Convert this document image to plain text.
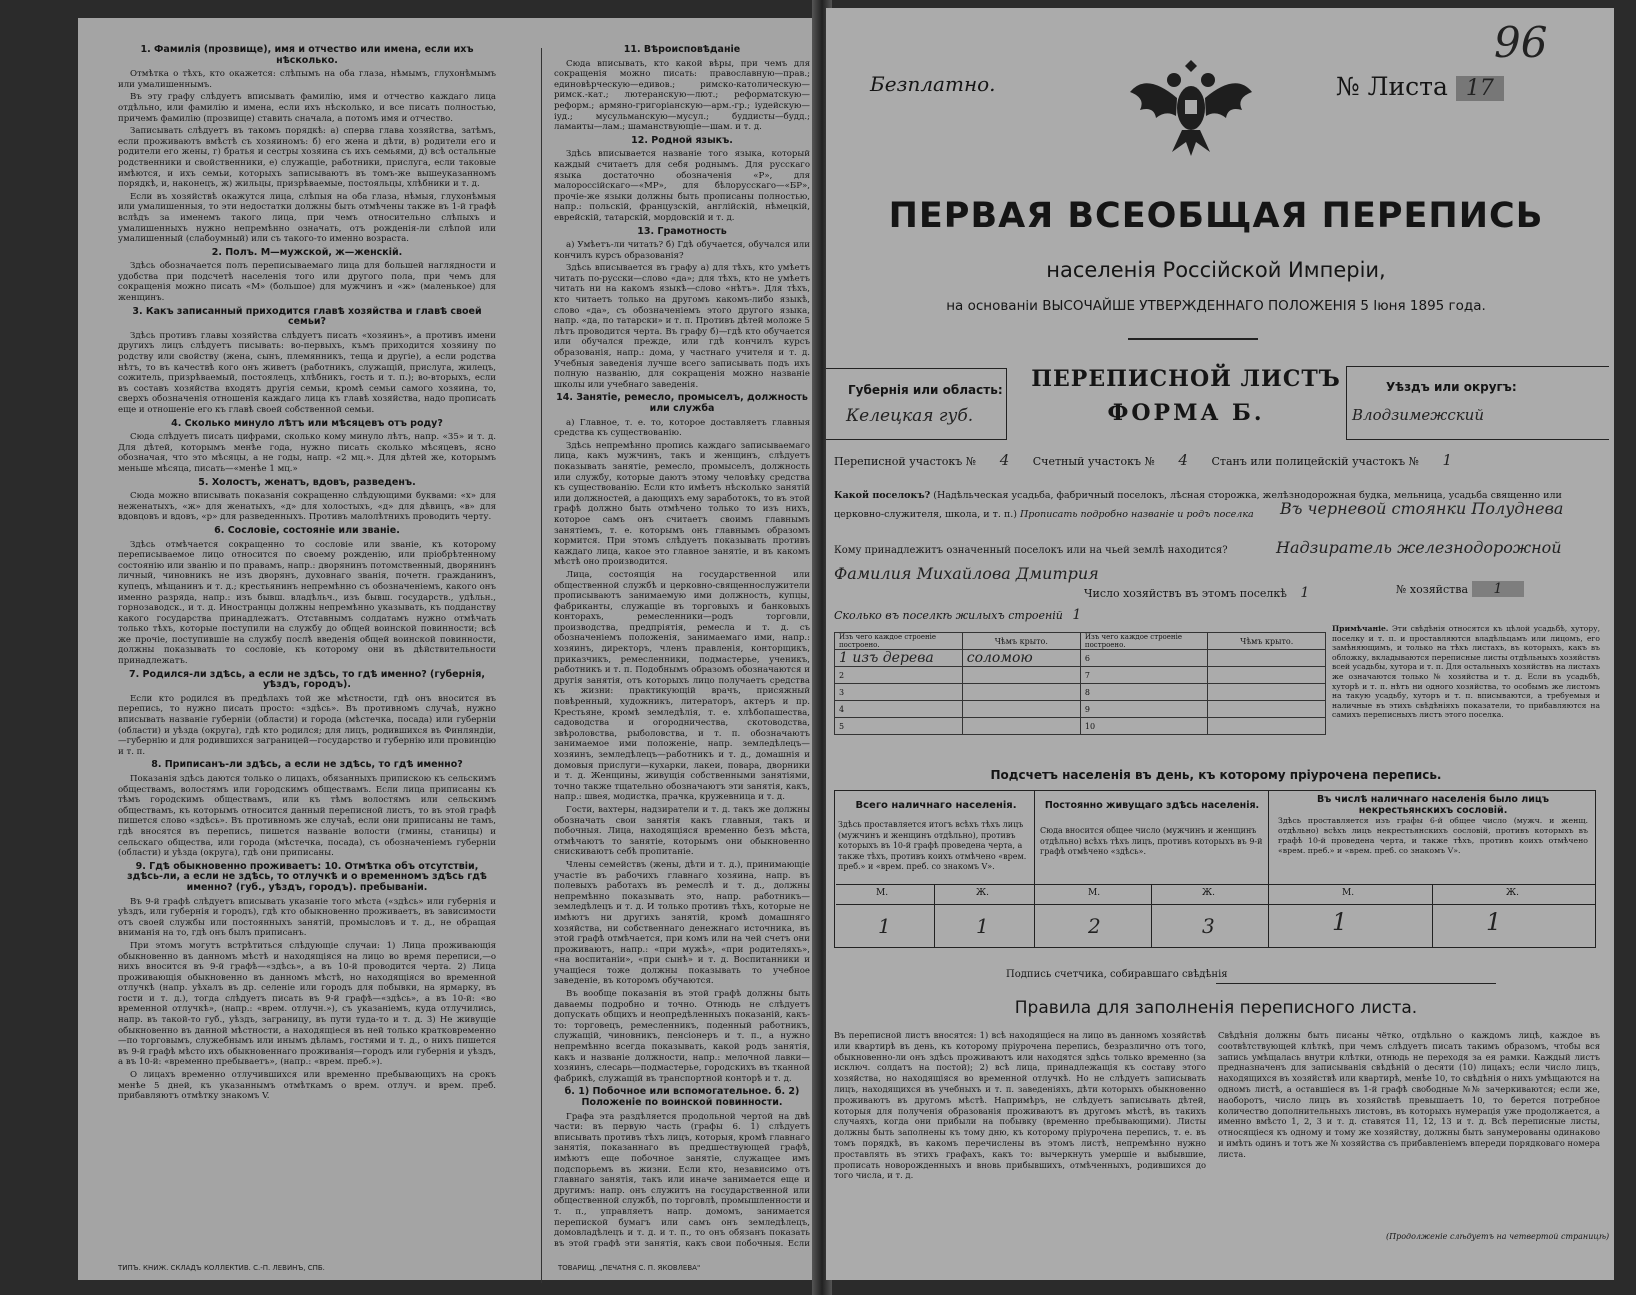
1. Фамилія (прозвище), имя и отчество или имена, если ихъ нѣсколько.

Отмѣтка о тѣхъ, кто окажется: слѣпымъ на оба глаза, нѣмымъ, глухонѣмымъ или умалишеннымъ.

Въ эту графу слѣдуетъ вписывать фамилію, имя и отчество каждаго лица отдѣльно, или фамилію и имена, если ихъ нѣсколько, и все писать полностью, причемъ фамилію (прозвище) ставить сначала, а потомъ имя и отчество.

Записывать слѣдуетъ въ такомъ порядкѣ: а) сперва глава хозяйства, затѣмъ, если проживаютъ вмѣстѣ съ хозяиномъ: б) его жена и дѣти, в) родители его и родители его жены, г) братья и сестры хозяина съ ихъ семьями, д) всѣ остальные родственники и свойственники, е) служащіе, работники, прислуга, если таковые имѣются, и ихъ семьи, которыхъ записываютъ въ томъ-же вышеуказанномъ порядкѣ, и, наконецъ, ж) жильцы, призрѣваемые, постояльцы, хлѣбники и т. д.

Если въ хозяйствѣ окажутся лица, слѣпыя на оба глаза, нѣмыя, глухонѣмыя или умалишенныя, то эти недостатки должны быть отмѣчены также въ 1-й графѣ вслѣдъ за именемъ такого лица, при чемъ относительно слѣпыхъ и умалишенныхъ нужно непремѣнно означать, отъ рожденія-ли слѣпой или умалишенный (слабоумный) или съ такого-то именно возраста.

2. Полъ. М—мужской, ж—женскій.

Здѣсь обозначается полъ переписываемаго лица для большей наглядности и удобства при подсчетѣ населенія того или другого пола, при чемъ для сокращенія можно писать «М» (большое) для мужчинъ и «ж» (маленькое) для женщинъ.

3. Какъ записанный приходится главѣ хозяйства и главѣ своей семьи?

Здѣсь противъ главы хозяйства слѣдуетъ писать «хозяинъ», а противъ имени другихъ лицъ слѣдуетъ писывать: во-первыхъ, къмъ приходится хозяину по родству или свойству (жена, сынъ, племянникъ, теща и другіе), а если родства нѣтъ, то въ качествѣ кого онъ живетъ (работникъ, служащій, прислуга, жилецъ, сожитель, призрѣваемый, постоялецъ, хлѣбникъ, гость и т. п.); во-вторыхъ, если въ составъ хозяйства входятъ другія семьи, кромѣ семьи самого хозяина, то, сверхъ обозначенія отношенія каждаго лица къ главѣ хозяйства, надо прописать еще и отношеніе его къ главѣ своей собственной семьи.

4. Сколько минуло лѣтъ или мѣсяцевъ отъ роду?

Сюда слѣдуетъ писать цифрами, сколько кому минуло лѣтъ, напр. «35» и т. д. Для дѣтей, которымъ менѣе года, нужно писать сколько мѣсяцевъ, ясно обозначая, что это мѣсяцы, а не годы, напр. «2 мц.». Для дѣтей же, которымъ меньше мѣсяца, писать—«менѣе 1 мц.»

5. Холостъ, женатъ, вдовъ, разведенъ.

Сюда можно вписывать показанія сокращенно слѣдующими буквами: «х» для неженатыхъ, «ж» для женатыхъ, «д» для холостыхъ, «д» для дѣвицъ, «в» для вдовцовъ и вдовъ, «р» для разведенныхъ. Противъ малолѣтнихъ проводить черту.

6. Сословіе, состояніе или званіе.

Здѣсь отмѣчается сокращенно то сословіе или званіе, къ которому переписываемое лицо относится по своему рожденію, или пріобрѣтенному состоянію или званію и по правамъ, напр.: дворянинъ потомственный, дворянинъ личный, чиновникъ не изъ дворянъ, духовнаго званія, почетн. гражданинъ, купецъ, мѣщанинъ и т. д.; крестьянинъ непремѣнно съ обозначеніемъ, какого онъ именно разряда, напр.: изъ бывш. владѣльч., изъ бывш. государств., удѣльн., горнозаводск., и т. д. Иностранцы должны непремѣнно указывать, къ подданству какого государства принадлежатъ. Отставнымъ солдатамъ нужно отмѣчать только тѣхъ, которые поступили на службу до общей воинской повинности; всѣ же прочіе, поступившіе на службу послѣ введенія общей воинской повинности, должны показывать то сословіе, къ которому они въ дѣйствительности принадлежатъ.

7. Родился-ли здѣсь, а если не здѣсь, то гдѣ именно? (губернія, уѣздъ, городъ).

Если кто родился въ предѣлахъ той же мѣстности, гдѣ онъ вносится въ перепись, то нужно писать просто: «здѣсь». Въ противномъ случаѣ, нужно вписывать названіе губерніи (области) и города (мѣстечка, посада) или губерніи (области) и уѣзда (округа), гдѣ кто родился; для лицъ, родившихся въ Финляндіи,—губернію и для родившихся заграницей—государство и губернію или провинцію и т. п.

8. Приписанъ-ли здѣсь, а если не здѣсь, то гдѣ именно?

Показанія здѣсь даются только о лицахъ, обязанныхъ припискою къ сельскимъ обществамъ, волостямъ или городскимъ обществамъ. Если лица приписаны къ тѣмъ городскимъ обществамъ, или къ тѣмъ волостямъ или сельскимъ обществамъ, къ которымъ относится данный переписной листъ, то въ этой графѣ пишется слово «здѣсь». Въ противномъ же случаѣ, если они приписаны не тамъ, гдѣ вносятся въ перепись, пишется названіе волости (гмины, станицы) и сельскаго общества, или города (мѣстечка, посада), съ обозначеніемъ губерніи (области) и уѣзда (округа), гдѣ они приписаны.

9. Гдѣ обыкновенно проживаетъ: 10. Отмѣтка объ отсутствіи, здѣсь-ли, а если не здѣсь, то отлучкѣ и о временномъ здѣсь гдѣ именно? (губ., уѣздъ, городъ). пребываніи.

Въ 9-й графѣ слѣдуетъ вписывать указаніе того мѣста («здѣсь» или губернія и уѣздъ, или губернія и городъ), гдѣ кто обыкновенно проживаетъ, въ зависимости отъ своей службы или постоянныхъ занятій, промысловъ и т. д., не обращая вниманія на то, гдѣ онъ былъ приписанъ.

При этомъ могутъ встрѣтиться слѣдующіе случаи: 1) Лица проживающія обыкновенно въ данномъ мѣстѣ и находящіяся на лицо во время переписи,—о нихъ вносится въ 9-й графѣ—«здѣсь», а въ 10-й проводится черта. 2) Лица проживающія обыкновенно въ данномъ мѣстѣ, но находящіяся во временной отлучкѣ (напр. уѣхалъ въ др. селеніе или городъ для побывки, на ярмарку, въ гости и т. д.), тогда слѣдуетъ писать въ 9-й графѣ—«здѣсь», а въ 10-й: «во временной отлучкѣ», (напр.: «врем. отлучн.»), съ указаніемъ, куда отлучились, напр. въ такой-то губ., уѣздъ, заграницу, въ пути туда-то и т. д. 3) Не живущіе обыкновенно въ данной мѣстности, а находящіеся въ ней только кратковременно—по торговымъ, служебнымъ или инымъ дѣламъ, гостями и т. д., о нихъ пишется въ 9-й графѣ мѣсто ихъ обыкновеннаго проживанія—городъ или губернія и уѣздъ, а въ 10-й: «временно пребываетъ», (напр.: «врем. преб.»).

О лицахъ временно отлучившихся или временно пребывающихъ на срокъ менѣе 5 дней, къ указаннымъ отмѣткамъ о врем. отлуч. и врем. преб. прибавляютъ отмѣтку знакомъ V.

11. Вѣроисповѣданіе

Сюда вписывать, кто какой вѣры, при чемъ для сокращенія можно писать: православную—прав.; единовѣрческую—едивов.; римско-католическую—римск.-кат.; лютеранскую—лют.; реформатскую—реформ.; армяно-григоріанскую—арм.-гр.; іудейскую—іуд.; мусульманскую—мусул.; буддисты—будд.; ламаиты—лам.; шаманствующіе—шам. и т. д.

12. Родной языкъ.

Здѣсь вписывается названіе того языка, который каждый считаетъ для себя роднымъ. Для русскаго языка достаточно обозначенія «Р», для малороссійскаго—«МР», для бѣлорусскаго—«БР», прочіе-же языки должны быть прописаны полностью, напр.: польскій, французскій, англійскій, нѣмецкій, еврейскій, татарскій, мордовскій и т. д.

13. Грамотность

а) Умѣетъ-ли читать? б) Гдѣ обучается, обучался или кончилъ курсъ образованія?

Здѣсь вписывается въ графу а) для тѣхъ, кто умѣетъ читать по-русски—слово «да»; для тѣхъ, кто не умѣетъ читать ни на какомъ языкѣ—слово «нѣтъ». Для тѣхъ, кто читаетъ только на другомъ какомъ-либо языкѣ, слово «да», съ обозначеніемъ этого другого языка, напр. «да, по татарски» и т. п. Противъ дѣтей моложе 5 лѣтъ проводится черта. Въ графу б)—гдѣ кто обучается или обучался прежде, или гдѣ кончилъ курсъ образованія, напр.: дома, у частнаго учителя и т. д. Учебныя заведенія лучше всего записывать подъ ихъ полную названію, для сокращенія можно названіе школы или учебнаго заведенія.

14. Занятіе, ремесло, промыселъ, должность или служба

а) Главное, т. е. то, которое доставляетъ главныя средства къ существованію.

Здѣсь непремѣнно пропись каждаго записываемаго лица, какъ мужчинъ, такъ и женщинъ, слѣдуетъ показывать занятіе, ремесло, промыселъ, должность или службу, которые даютъ этому человѣку средства къ существованію. Если кто имѣетъ нѣсколько занятій или должностей, а дающихъ ему заработокъ, то въ этой графѣ должно быть отмѣчено только то изъ нихъ, которое самъ онъ считаетъ своимъ главнымъ занятіемъ, т. е. которымъ онъ главнымъ образомъ кормится. При этомъ слѣдуетъ показывать противъ каждаго лица, какое это главное занятіе, и въ какомъ мѣстѣ оно производится.

Лица, состоящія на государственной или общественной службѣ и церковно-священнослужители прописываютъ занимаемую ими должность, купцы, фабриканты, служащіе въ торговыхъ и банковыхъ конторахъ, ремесленники—родъ торговли, производства, предпріятія, ремесла и т. д. съ обозначеніемъ положенія, занимаемаго ими, напр.: хозяинъ, директоръ, членъ правленія, конторщикъ, приказчикъ, ремесленники, подмастерье, ученикъ, работникъ и т. п. Подобнымъ образомъ обозначаются и другія занятія, отъ которыхъ лицо получаетъ средства къ жизни: практикующій врачъ, присяжный повѣренный, художникъ, литераторъ, актеръ и пр. Крестьяне, кромѣ земледѣлія, т. е. хлѣбопашества, садоводства и огородничества, скотоводства, звѣроловства, рыболовства, и т. п. обозначаютъ занимаемое ими положеніе, напр. земледѣлецъ—хозяинъ, земледѣлецъ—работникъ и т. д., домашнія и домовыя прислуги—кухарки, лакеи, повара, дворники и т. д. Женщины, живущія собственными занятіями, точно также тщательно обозначаютъ эти занятія, какъ, напр.: швея, модистка, прачка, кружевница и т. д.

Гости, вахтеры, надзиратели и т. д. такъ же должны обозначать свои занятія какъ главныя, такъ и побочныя. Лица, находящіяся временно безъ мѣста, отмѣчаютъ то занятіе, которымъ они обыкновенно снискиваютъ себѣ пропитаніе.

Члены семействъ (жены, дѣти и т. д.), принимающіе участіе въ рабочихъ главнаго хозяина, напр. въ полевыхъ работахъ въ ремеслѣ и т. д., должны непремѣнно показывать это, напр. работникъ—земледѣлецъ и т. д. И только противъ тѣхъ, которые не имѣютъ ни другихъ занятій, кромѣ домашняго хозяйства, ни собственнаго денежнаго источника, въ этой графѣ отмѣчается, при комъ или на чей счетъ они проживаютъ, напр.: «при мужѣ», «при родителяхъ», «на воспитаніи», «при сынѣ» и т. д. Воспитанники и учащіеся тоже должны показывать то учебное заведеніе, въ которомъ обучаются.

Въ вообще показанія въ этой графѣ должны быть даваемы подробно и точно. Отнюдь не слѣдуетъ допускать общихъ и неопредѣленныхъ показаній, какъ-то: торговецъ, ремесленникъ, поденный работникъ, служащій, чиновникъ, пенсіонеръ и т. п., а нужно непремѣнно всегда показывать, какой родъ занятія, какъ и названіе должности, напр.: мелочной лавки—хозяинъ, слесарь—подмастерье, городскихъ въ тканной фабрикѣ, служащій въ транспортной конторѣ и т. д.

б. 1) Побочное или вспомогательное. б. 2) Положеніе по воинской повинности.

Графа эта раздѣляется продольной чертой на двѣ части: въ первую часть (графы 6. 1) слѣдуетъ вписывать противъ тѣхъ лицъ, которыя, кромѣ главнаго занятія, показаннаго въ предшествующей графѣ, имѣютъ еще побочное занятіе, служащее имъ подспорьемъ въ жизни. Если кто, независимо отъ главнаго занятія, такъ или иначе занимается еще и другимъ: напр. онъ служитъ на государственной или общественной службѣ, по торговлѣ, промышленности и т. п., управляетъ напр. домомъ, занимается перепиской бумагъ или самъ онъ земледѣлецъ, домовладѣлецъ и т. д. и т. п., то онъ обязанъ показать въ этой графѣ эти занятія, какъ свои побочныя. Если

ТИПЪ. КНИЖ. СКЛАДЪ КОЛЛЕКТИВ. С.-П. ЛЕВИНЪ, СПБ.	ТОВАРИЩ. „ПЕЧАТНЯ С. П. ЯКОВЛЕВА"
96
Безплатно.	№ Листа 17
ПЕРВАЯ ВСЕОБЩАЯ ПЕРЕПИСЬ
населенія Россійской Имперіи,
на основаніи ВЫСОЧАЙШЕ УТВЕРЖДЕННАГО ПОЛОЖЕНІЯ 5 Іюня 1895 года.
Губернія или область:
Келецкая губ.
ПЕРЕПИСНОЙ ЛИСТЪ
ФОРМА Б.
Уѣздъ или округъ:
Влодзимежский
Переписной участокъ № 4 Счетный участокъ № 4 Станъ или полицейскій участокъ № 1
Какой поселокъ? (Надѣльческая усадьба, фабричный поселокъ, лѣсная сторожка, желѣзнодорожная будка, мельница, усадьба священно или церковно-служителя, школа, и т. п.) Прописать подробно названіе и родъ поселка	Въ черневой стоянки Полуднева
Кому принадлежитъ означенный поселокъ или на чьей землѣ находится?	Надзиратель железнодорожной
Фамилия Михайлова Дмитрия
№ хозяйства 1
Число хозяйствъ въ этомъ поселкѣ 1
Сколько въ поселкѣ жилыхъ строеній 1
Изъ чего каждое строеніе построено.	Чѣмъ крыто.	Изъ чего каждое строеніе построено.	Чѣмъ крыто.
1 изъ дерева	соломою	6	
2		7	
3		8	
4		9	
5		10	
Примѣчаніе. Эти свѣдѣнія относятся къ цѣлой усадьбѣ, хутору, поселку и т. п. и проставляются владѣльцамъ или лицомъ, его замѣняющимъ, и только на тѣхъ листахъ, въ которыхъ, какъ въ обложку, вкладываются переписные листы отдѣльныхъ хозяйствъ всей усадьбы, хутора и т. п. Для остальныхъ хозяйствъ на листахъ же означаются только № хозяйства и т. д. Если въ усадьбѣ, хуторѣ и т. п. нѣтъ ни одного хозяйства, то особымъ же листомъ на такую усадьбу, хуторъ и т. п. вписываются, а требуемыя и наличные въ этихъ свѣдѣніяхъ показатели, то прибавляются на самихъ переписныхъ листъ этого поселка.
Подсчетъ населенія въ день, къ которому пріурочена перепись.
Всего наличнаго населенія.
Здѣсь проставляется итогъ всѣхъ тѣхъ лицъ (мужчинъ и женщинъ отдѣльно), противъ которыхъ въ 10-й графѣ проведена черта, а также тѣхъ, противъ коихъ отмѣчено «врем. преб.» и «врем. преб. со знакомъ V».
Постоянно живущаго здѣсь населенія.
Сюда вносится общее число (мужчинъ и женщинъ отдѣльно) всѣхъ тѣхъ лицъ, противъ которыхъ въ 9-й графѣ отмѣчено «здѣсь».
Въ числѣ наличнаго населенія было лицъ некрестьянскихъ сословій.
Здѣсь проставляется изъ графы 6-й общее число (мужч. и женщ. отдѣльно) всѣхъ лицъ некрестьянскихъ сословій, противъ которыхъ въ графѣ 10-й проведена черта, и также тѣхъ, противъ коихъ отмѣчено «врем. преб.» и «врем. преб. со знакомъ V».
М.	Ж.	М.	Ж.	М.	Ж.
1	1	2	3	1	1
Подпись счетчика, собиравшаго свѣдѣнія
Правила для заполненія переписного листа.
Въ переписной листъ вносятся: 1) всѣ находящіеся на лицо въ данномъ хозяйствѣ или квартирѣ въ день, къ которому пріурочена перепись, безразлично отъ того, обыкновенно-ли онъ здѣсь проживаютъ или находятся здѣсь только временно (за исключ. солдатъ на постой); 2) всѣ лица, принадлежащія къ составу этого хозяйства, но находящіяся во временной отлучкѣ. Но не слѣдуетъ записывать лицъ, находящихся въ учебныхъ и т. п. заведеніяхъ, дѣти которыхъ обыкновенно проживаютъ въ другомъ мѣстѣ. Напримѣръ, не слѣдуетъ записывать дѣтей, которыя для полученія образованія проживаютъ въ другомъ мѣстѣ, въ такихъ случаяхъ, когда они прибыли на побывку (временно пребывающими). Листы должны быть заполнены къ тому дню, къ которому пріурочена перепись, т. е. въ томъ порядкѣ, въ какомъ перечислены въ этомъ листѣ, непремѣнно нужно проставлять въ этихъ графахъ, какъ то: вычеркнуть умершіе и выбывшие, прописать новорожденныхъ и вновь прибывшихъ, отмѣченныхъ, родившихся до того числа, и т. д.
Свѣдѣнія должны быть писаны чётко, отдѣльно о каждомъ лицѣ, каждое въ соотвѣтствующей клѣткѣ, при чемъ слѣдуетъ писать такимъ образомъ, чтобы вся запись умѣщалась внутри клѣтки, отнюдь не переходя за ея рамки. Каждый листъ предназначенъ для записыванія свѣдѣній о десяти (10) лицахъ; если число лицъ, находящихся въ хозяйствѣ или квартирѣ, менѣе 10, то свѣдѣнія о нихъ умѣщаются на одномъ листѣ, а оставшіеся въ 1-й графѣ свободные №№ зачеркиваются; если же, наоборотъ, число лицъ въ хозяйствѣ превышаетъ 10, то берется потребное количество дополнительныхъ листовъ, въ которыхъ нумерація уже продолжается, а именно вмѣсто 1, 2, 3 и т. д. ставятся 11, 12, 13 и т. д. Всѣ переписные листы, относящіеся къ одному и тому же хозяйству, должны быть занумерованы одинаково и имѣть одинъ и тотъ же № хозяйства съ прибавленіемъ впереди порядковаго номера листа.
(Продолженіе слѣдуетъ на четвертой страницѣ)
